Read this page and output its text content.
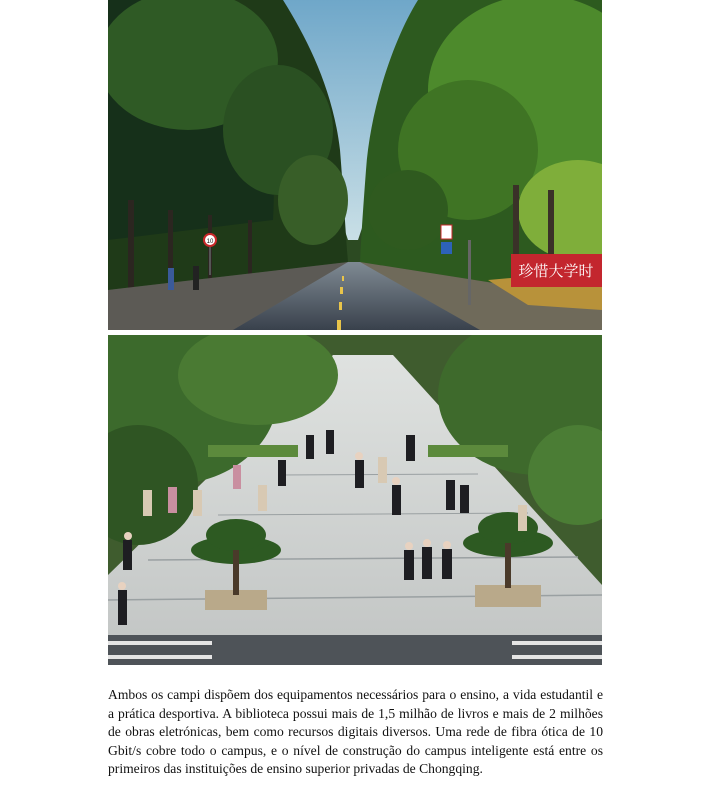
10
珍惜大学时

Ambos os campi dispõem dos equipamentos necessários para o ensino, a vida estudantil e a prática desportiva. A biblioteca possui mais de 1,5 milhão de livros e mais de 2 milhões de obras eletrónicas, bem como recursos digitais diversos. Uma rede de fibra ótica de 10 Gbit/s cobre todo o campus, e o nível de construção do campus inteligente está entre os primeiros das instituições de ensino superior privadas de Chongqing.
